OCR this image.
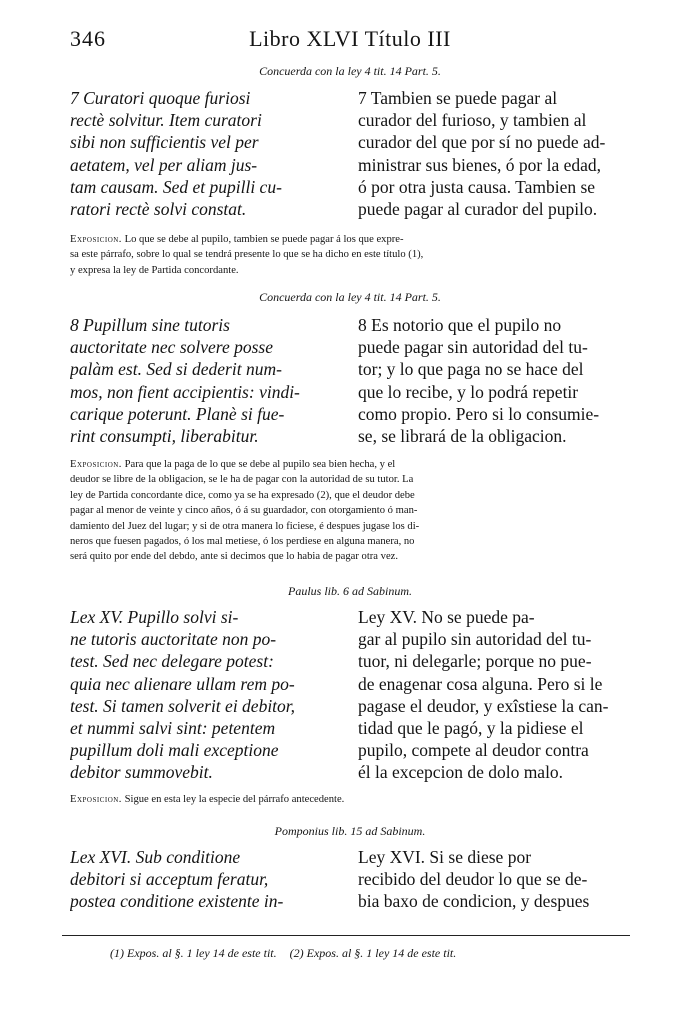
Libro XLVI Título III
346
Concuerda con la ley 4 tit. 14 Part. 5.
7 Curatori quoque furiosi
rectè solvitur. Item curatori
sibi non sufficientis vel per
aetatem, vel per aliam jus-
tam causam. Sed et pupilli cu-
ratori rectè solvi constat.
7 Tambien se puede pagar al
curador del furioso, y tambien al
curador del que por sí no puede ad-
ministrar sus bienes, ó por la edad,
ó por otra justa causa. Tambien se
puede pagar al curador del pupilo.
Exposicion. Lo que se debe al pupilo, tambien se puede pagar á los que expre-
sa este párrafo, sobre lo qual se tendrá presente lo que se ha dicho en este título (1),
y expresa la ley de Partida concordante.
Concuerda con la ley 4 tit. 14 Part. 5.
8 Pupillum sine tutoris
auctoritate nec solvere posse
palàm est. Sed si dederit num-
mos, non fient accipientis: vindi-
carique poterunt. Planè si fue-
rint consumpti, liberabitur.
8 Es notorio que el pupilo no
puede pagar sin autoridad del tu-
tor; y lo que paga no se hace del
que lo recibe, y lo podrá repetir
como propio. Pero si lo consumie-
se, se librará de la obligacion.
Exposicion. Para que la paga de lo que se debe al pupilo sea bien hecha, y el
deudor se libre de la obligacion, se le ha de pagar con la autoridad de su tutor. La
ley de Partida concordante dice, como ya se ha expresado (2), que el deudor debe
pagar al menor de veinte y cinco años, ó á su guardador, con otorgamiento ó man-
damiento del Juez del lugar; y si de otra manera lo ficiese, é despues jugase los di-
neros que fuesen pagados, ó los mal metiese, ó los perdiese en alguna manera, no
será quito por ende del debdo, ante si decimos que lo habia de pagar otra vez.
Paulus lib. 6 ad Sabinum.
Lex XV. Pupillo solvi si-
ne tutoris auctoritate non po-
test. Sed nec delegare potest:
quia nec alienare ullam rem po-
test. Si tamen solverit ei debitor,
et nummi salvi sint: petentem
pupillum doli mali exceptione
debitor summovebit.
Ley XV. No se puede pa-
gar al pupilo sin autoridad del tu-
tuor, ni delegarle; porque no pue-
de enagenar cosa alguna. Pero si le
pagase el deudor, y exîstiese la can-
tidad que le pagó, y la pidiese el
pupilo, compete al deudor contra
él la excepcion de dolo malo.
Exposicion. Sigue en esta ley la especie del párrafo antecedente.
Pomponius lib. 15 ad Sabinum.
Lex XVI. Sub conditione
debitori si acceptum feratur,
postea conditione existente in-
Ley XVI. Si se diese por
recibido del deudor lo que se de-
bia baxo de condicion, y despues
(1) Expos. al §. 1 ley 14 de este tit. (2) Expos. al §. 1 ley 14 de este tit.
